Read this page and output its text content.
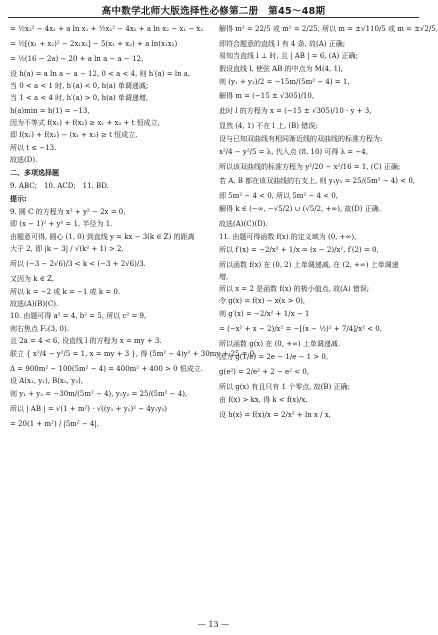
高中数学北师大版选择性必修第二册　第45～48期
= ½x₂² − 4x₁ + a ln x₁ + ½x₂² − 4x₂ + a ln x₂ − x₁ − x₂
= ½[(x₁ + x₂)² − 2x₁x₂] − 5(x₁ + x₂) + a ln(x₁x₂)
= ½(16 − 2a) − 20 + a ln a − a − 12,
设 h(a) = a ln a − a − 12, 0 < a < 4, 则 h′(a) = ln a,
当 0 < a < 1 时, h′(a) < 0, h(a) 单调递减;
当 1 < a < 4 时, h′(a) > 0, h(a) 单调递增,
h(a)min = h(1) = −13,
因为不等式 f(x₁) + f(x₂) ≥ x₁ + x₂ + t 恒成立,
即 f(x₁) + f(x₂) − (x₁ + x₂) ≥ t 恒成立,
所以 t ≤ −13.
故选(D).
二、多项选择题
9. ABC;　10. ACD;　11. BD.
提示:
9. 圆 C 的方程为 x² + y² − 2x = 0,
即 (x − 1)² + y² = 1, 半径为 1.
由题意可得, 圆心 (1, 0) 到直线 y = kx − 3(k ∈ Z) 的距离
大于 2, 即 |k − 3| / √(k² + 1) > 2,
所以 (−3 − 2√6)/3 < k < (−3 + 2√6)/3.
又因为 k ∈ Z,
所以 k = −2 或 k = −1 或 k = 0.
故选(A)(B)(C).
10. 由题可得 a² = 4, b² = 5, 所以 c² = 9,
则右焦点 F₂(3, 0).
且 2a = 4 < 6, 设直线 l 的方程为 x = my + 3.
联立 { x²/4 − y²/5 = 1, x = my + 3 }, 得 (5m² − 4)y² + 30my + 25 = 0,
Δ = 900m² − 100(5m² − 4) = 400m² + 400 > 0 恒成立.
设 A(x₁, y₁), B(x₂, y₂),
则 y₁ + y₂ = −30m/(5m² − 4), y₁y₂ = 25/(5m² − 4),
所以 | AB | = √(1 + m²) · √((y₁ + y₂)² − 4y₁y₂)
= 20(1 + m²) / |5m² − 4|,
解得 m² = 22/5 或 m² = 2/25, 所以 m = ±√110/5 或 m = ±√2/5,
即符合题意的直线 l 有 4 条, 故(A) 正确;
易知当直线 l ⊥ 时, 且 | AB | = 6, (A) 正确;
假设直线 l, 使弦 AB 的中点为 M(4, 1),
则 (y₁ + y₂)/2 = −15m/(5m² − 4) = 1,
解得 m = (−15 ± √305)/10,
此时 l 的方程为 x = (−15 ± √305)/10 · y + 3,
显然 (4, 1) 不在 l 上, (B) 错误;
设与已知双曲线有相同渐近线的双曲线的标准方程为:
x²/4 − y²/5 = λ, 代入点 (8, 10) 可得 λ = −4,
所以该双曲线的标准方程为 y²/20 − x²/16 = 1, (C) 正确;
若 A, B 都在该双曲线的右支上, 则 y₁y₂ = 25/(5m² − 4) < 0,
即 5m² − 4 < 0, 所以 5m² − 4 < 0,
解得 k ∈ (−∞, −√5/2) ∪ (√5/2, +∞), 故(D) 正确.
故选(A)(C)(D).
11. 由题可得函数 f(x) 的定义域为 (0, +∞),
所以 f′(x) = −2/x² + 1/x = (x − 2)/x², f′(2) = 0,
所以函数 f(x) 在 (0, 2) 上单调递减, 在 (2, +∞) 上单调递
增,
所以 x = 2 是函数 f(x) 的极小值点, 故(A) 错误;
令 g(x) = f(x) − x(x > 0),
则 g′(x) = −2/x² + 1/x − 1
= (−x² + x − 2)/x² = −[(x − ½)² + 7/4]/x² < 0,
所以函数 g(x) 在 (0, +∞) 上单调递减.
因为 g(1/e) = 2e − 1/e − 1 > 0,
g(e²) = 2/e² + 2 − e² < 0,
所以 g(x) 有且只有 1 个零点, 故(B) 正确;
由 f(x) > kx, 得 k < f(x)/x,
设 h(x) = f(x)/x = 2/x² + ln x / x,
— 13 —
